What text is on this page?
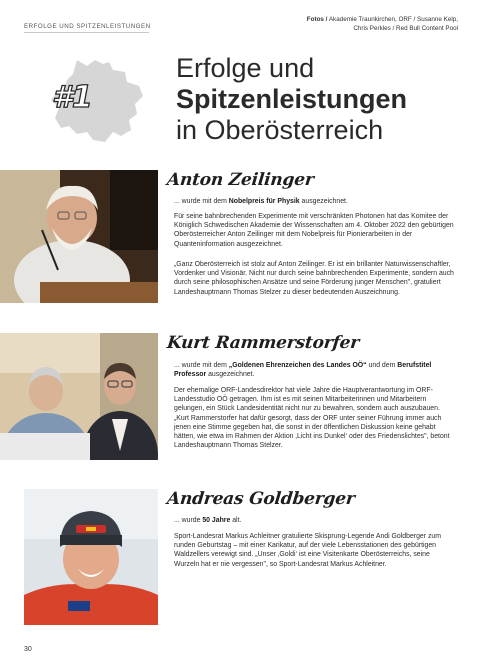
ERFOLGE UND SPITZENLEISTUNGEN
Fotos / Akademie Traunkirchen, ORF / Susanne Kelp,
Chris Perkles / Red Bull Content Pool
#1
Erfolge und
Spitzenleistungen
in Oberösterreich
Anton Zeilinger
... wurde mit dem Nobelpreis für Physik ausgezeichnet.

Für seine bahnbrechenden Experimente mit verschränkten Photonen hat das Komitee der Königlich Schwedischen Akademie der Wissenschaften am 4. Oktober 2022 den gebürtigen Oberösterreicher Anton Zeilinger mit dem Nobelpreis für Pionierarbeiten in der Quanteninformation ausgezeichnet.

„Ganz Oberösterreich ist stolz auf Anton Zeilinger. Er ist ein brillanter Naturwissenschaftler, Vordenker und Visionär. Nicht nur durch seine bahnbrechenden Experimente, sondern auch durch seine philosophischen Ansätze und seine Förderung junger Menschen", gratuliert Landeshauptmann Thomas Stelzer zu dieser bedeutenden Auszeichnung.

Kurt Rammerstorfer
... wurde mit dem „Goldenen Ehrenzeichen des Landes OÖ“ und dem Berufstitel Professor ausgezeichnet.

Der ehemalige ORF-Landesdirektor hat viele Jahre die Hauptverantwortung im ORF-Landesstudio OÖ getragen. Ihm ist es mit seinen Mitarbeiterinnen und Mitarbeitern gelungen, ein Stück Landesidentität nicht nur zu bewahren, sondern auch auszubauen. „Kurt Rammerstorfer hat dafür gesorgt, dass der ORF unter seiner Führung immer auch jenen eine Stimme gegeben hat, die sonst in der öffentlichen Diskussion keine gehabt hätten, wie etwa im Rahmen der Aktion ‚Licht ins Dunkel‘ oder des Friedenslichtes", betont Landeshauptmann Thomas Stelzer.

Andreas Goldberger
... wurde 50 Jahre alt.

Sport-Landesrat Markus Achleitner gratulierte Skisprung-Legende Andi Goldberger zum runden Geburtstag – mit einer Karikatur, auf der viele Lebensstationen des gebürtigen Waldzellers verewigt sind. „Unser ‚Goldi‘ ist eine Visitenkarte Oberösterreichs, seine Wurzeln hat er nie vergessen", so Sport-Landesrat Markus Achleitner.

30
